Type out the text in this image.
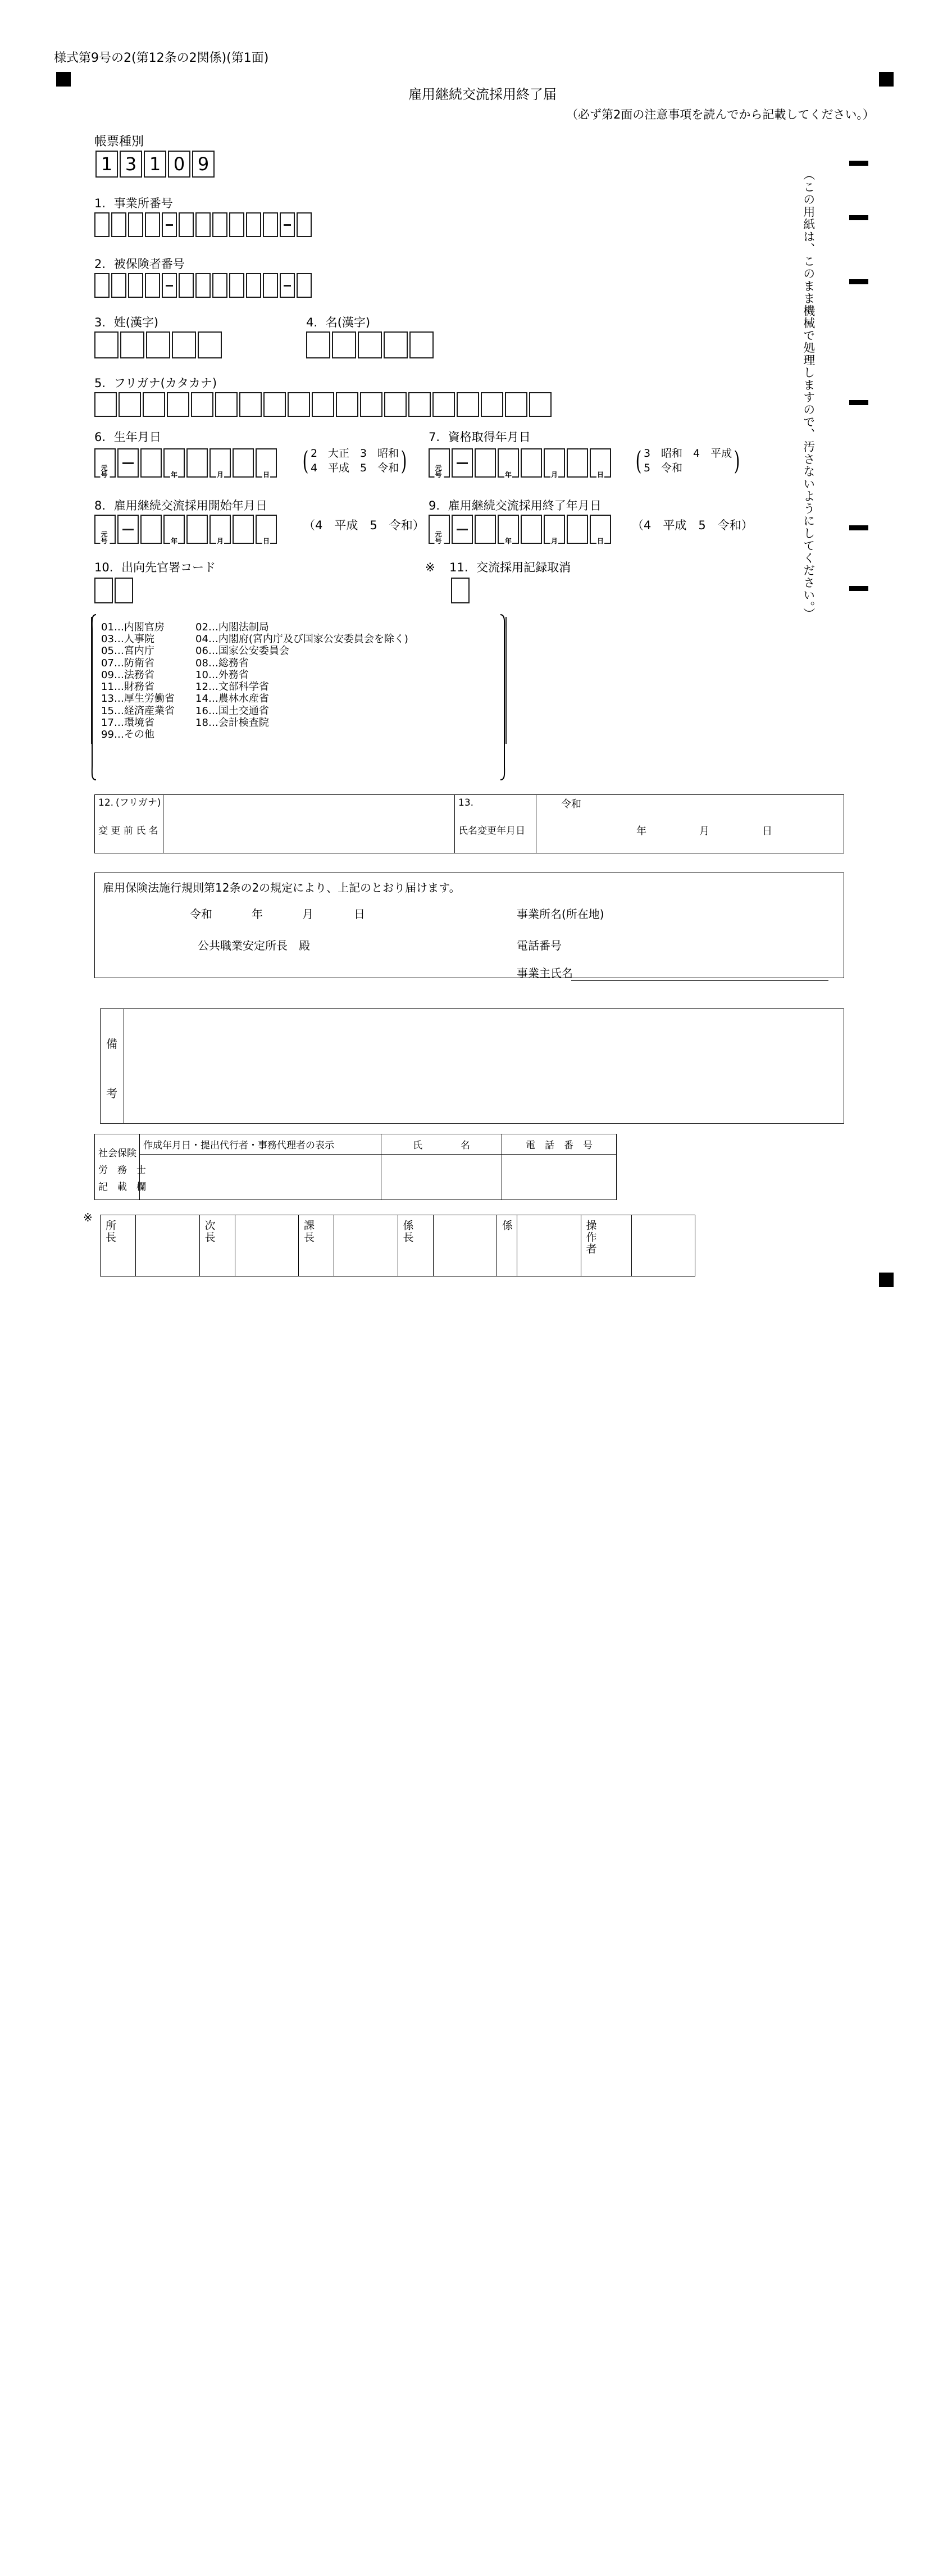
様式第9号の2(第12条の2関係)(第1面)
雇用継続交流採用終了届
（必ず第2面の注意事項を読んでから記載してください。）
（この用紙は、このまま機械で処理しますので、汚さないようにしてください。）
帳票種別
1 3 1 0 9
1. 事業所番号
2. 被保険者番号
3. 姓(漢字)	4. 名(漢字)
5. フリガナ(カタカナ)
6. 生年月日
元号	年	月	日 ( 2　大正　3　昭和
4　平成　5　令和 )
7. 資格取得年月日
元号	年	月	日 ( 3　昭和　4　平成
5　令和	)
8. 雇用継続交流採用開始年月日
元号	年	月	日
（4　平成　5　令和）
9. 雇用継続交流採用終了年月日
元号	年	月	日
（4　平成　5　令和）
10. 出向先官署コード	※ 11. 交流採用記録取消
01…内閣官房	02…内閣法制局
03…人事院	04…内閣府(宮内庁及び国家公安委員会を除く)
05…宮内庁	06…国家公安委員会
07…防衛省	08…総務省
09…法務省	10…外務省
11…財務省	12…文部科学省
13…厚生労働省	14…農林水産省
15…経済産業省	16…国土交通省
17…環境省	18…会計検査院
99…その他
12. (フリガナ)
変 更 前 氏 名

13.
氏名変更年月日

令和
年	月	日
雇用保険法施行規則第12条の2の規定により、上記のとおり届けます。
令和	年	月	日
公共職業安定所長　殿
事業所名(所在地)
電話番号
事業主氏名
備
考

社会保険
労　務　士
記　載　欄	作成年月日・提出代行者・事務代理者の表示	氏　　　　名	電　話　番　号

※
所長		次長		課長		係長		係		操作者
